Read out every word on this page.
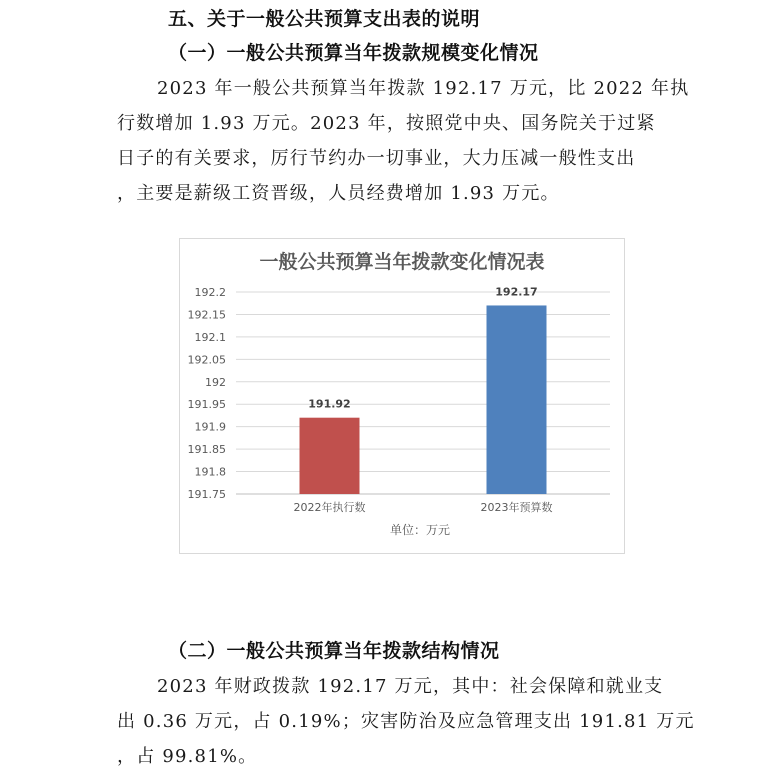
五、关于一般公共预算支出表的说明
（一）一般公共预算当年拨款规模变化情况
2023 年一般公共预算当年拨款 192.17 万元，比 2022 年执
行数增加 1.93 万元。2023 年，按照党中央、国务院关于过紧
日子的有关要求，厉行节约办一切事业，大力压减一般性支出
，主要是薪级工资晋级，人员经费增加 1.93 万元。
一般公共预算当年拨款变化情况表
191.75
191.8
191.85
191.9
191.95
192
192.05
192.1
192.15
192.2
191.92
192.17
2022年执行数	2023年预算数
单位：万元
（二）一般公共预算当年拨款结构情况
2023 年财政拨款 192.17 万元，其中：社会保障和就业支
出 0.36 万元，占 0.19%；灾害防治及应急管理支出 191.81 万元
，占 99.81%。
